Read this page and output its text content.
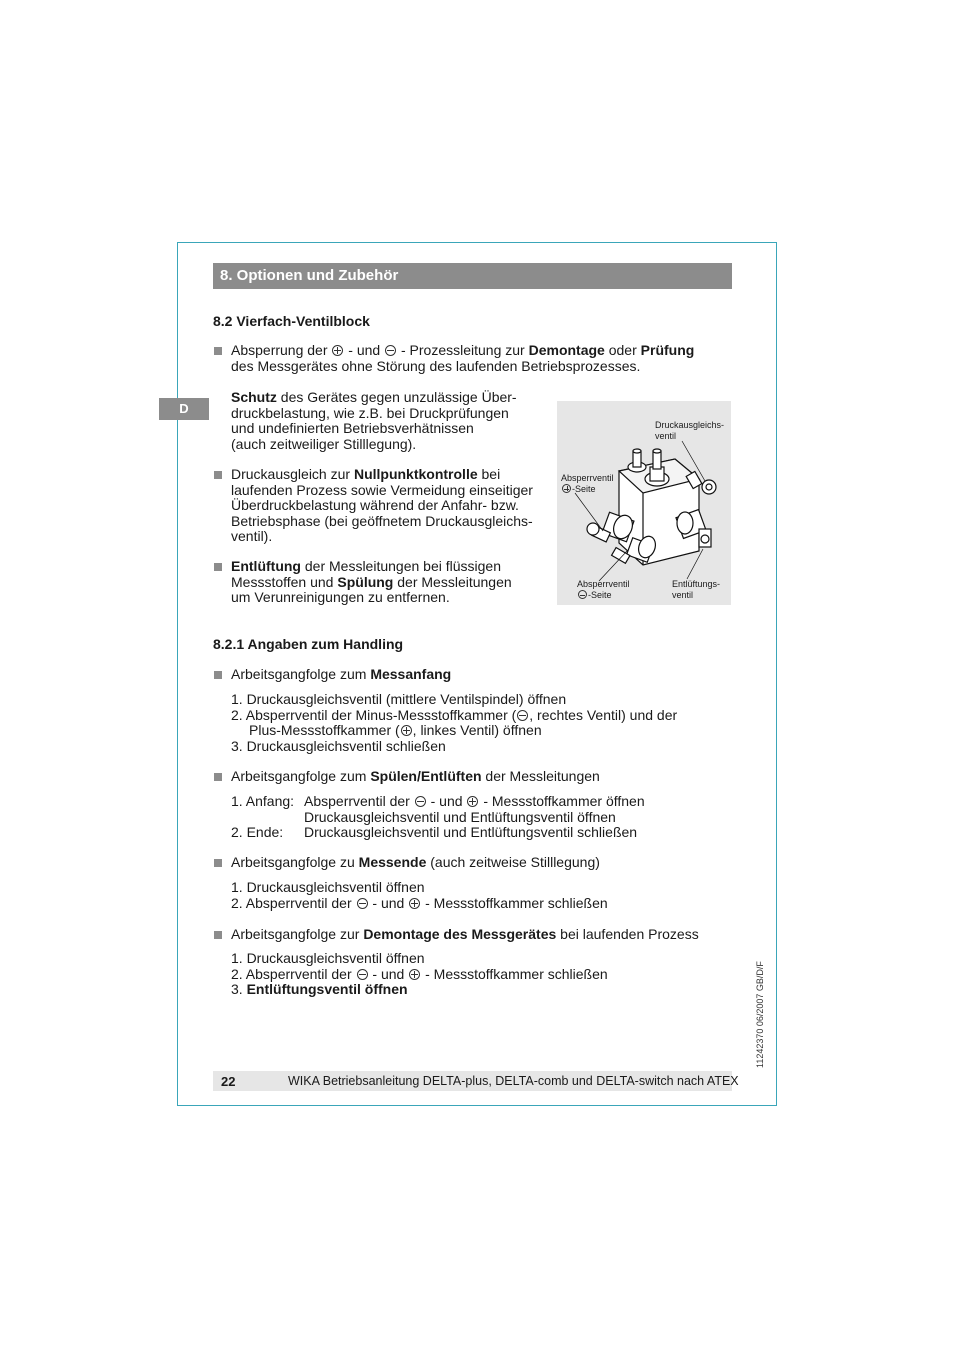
8. Optionen und Zubehör
D
8.2 Vierfach-Ventilblock
Absperrung der - und - Prozessleitung zur Demontage oder Prüfung
des Messgerätes ohne Störung des laufenden Betriebsprozesses.
Schutz des Gerätes gegen unzulässige Über-
druckbelastung, wie z.B. bei Druckprüfungen
und undefinierten Betriebsverhätnissen
(auch zeitweiliger Stilllegung).
Druckausgleich zur Nullpunktkontrolle bei
laufenden Prozess sowie Vermeidung einseitiger
Überdruckbelastung während der Anfahr- bzw.
Betriebsphase (bei geöffnetem Druckausgleichs-
ventil).
Entlüftung der Messleitungen bei flüssigen
Messstoffen und Spülung der Messleitungen
um Verunreinigungen zu entfernen.
Druckausgleichs-
ventil
Absperrventil
-Seite
Absperrventil
-Seite
Entlüftungs-
ventil
8.2.1 Angaben zum Handling
Arbeitsgangfolge zum Messanfang
1. Druckausgleichsventil (mittlere Ventilspindel) öffnen
2. Absperrventil der Minus-Messstoffkammer ( , rechtes Ventil) und der
Plus-Messstoffkammer ( , linkes Ventil) öffnen
3. Druckausgleichsventil schließen
Arbeitsgangfolge zum Spülen/Entlüften der Messleitungen
1. Anfang: Absperrventil der - und - Messstoffkammer öffnen
Druckausgleichsventil und Entlüftungsventil öffnen
2. Ende: Druckausgleichsventil und Entlüftungsventil schließen
Arbeitsgangfolge zu Messende (auch zeitweise Stilllegung)
1. Druckausgleichsventil öffnen
2. Absperrventil der - und - Messstoffkammer schließen
Arbeitsgangfolge zur Demontage des Messgerätes bei laufenden Prozess
1. Druckausgleichsventil öffnen
2. Absperrventil der - und - Messstoffkammer schließen
3. Entlüftungsventil öffnen
22	WIKA Betriebsanleitung DELTA-plus, DELTA-comb und DELTA-switch nach ATEX
11242370 06/2007 GB/D/F
